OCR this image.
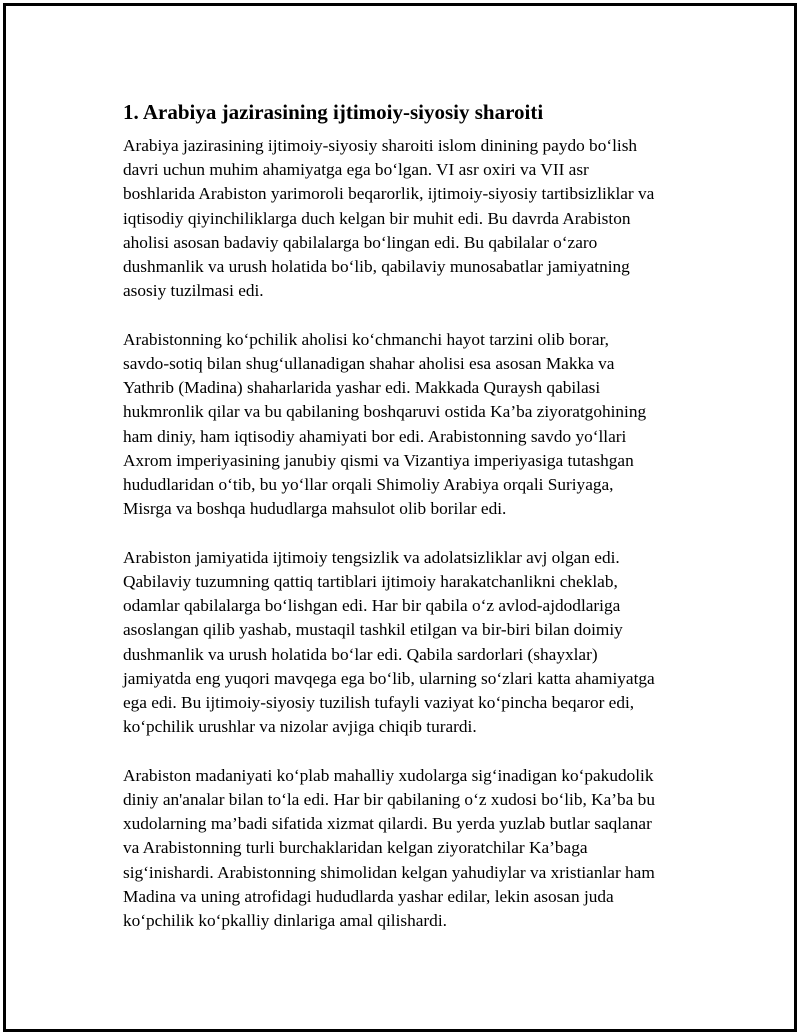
1. Arabiya jazirasining ijtimoiy-siyosiy sharoiti
Arabiya jazirasining ijtimoiy-siyosiy sharoiti islom dinining paydo bo‘lish
davri uchun muhim ahamiyatga ega bo‘lgan. VI asr oxiri va VII asr
boshlarida Arabiston yarimoroli beqarorlik, ijtimoiy-siyosiy tartibsizliklar va
iqtisodiy qiyinchiliklarga duch kelgan bir muhit edi. Bu davrda Arabiston
aholisi asosan badaviy qabilalarga bo‘lingan edi. Bu qabilalar o‘zaro
dushmanlik va urush holatida bo‘lib, qabilaviy munosabatlar jamiyatning
asosiy tuzilmasi edi.
Arabistonning ko‘pchilik aholisi ko‘chmanchi hayot tarzini olib borar,
savdo-sotiq bilan shug‘ullanadigan shahar aholisi esa asosan Makka va
Yathrib (Madina) shaharlarida yashar edi. Makkada Quraysh qabilasi
hukmronlik qilar va bu qabilaning boshqaruvi ostida Ka’ba ziyoratgohining
ham diniy, ham iqtisodiy ahamiyati bor edi. Arabistonning savdo yo‘llari
Axrom imperiyasining janubiy qismi va Vizantiya imperiyasiga tutashgan
hududlaridan o‘tib, bu yo‘llar orqali Shimoliy Arabiya orqali Suriyaga,
Misrga va boshqa hududlarga mahsulot olib borilar edi.
Arabiston jamiyatida ijtimoiy tengsizlik va adolatsizliklar avj olgan edi.
Qabilaviy tuzumning qattiq tartiblari ijtimoiy harakatchanlikni cheklab,
odamlar qabilalarga bo‘lishgan edi. Har bir qabila o‘z avlod-ajdodlariga
asoslangan qilib yashab, mustaqil tashkil etilgan va bir-biri bilan doimiy
dushmanlik va urush holatida bo‘lar edi. Qabila sardorlari (shayxlar)
jamiyatda eng yuqori mavqega ega bo‘lib, ularning so‘zlari katta ahamiyatga
ega edi. Bu ijtimoiy-siyosiy tuzilish tufayli vaziyat ko‘pincha beqaror edi,
ko‘pchilik urushlar va nizolar avjiga chiqib turardi.
Arabiston madaniyati ko‘plab mahalliy xudolarga sig‘inadigan ko‘pakudolik
diniy an'analar bilan to‘la edi. Har bir qabilaning o‘z xudosi bo‘lib, Ka’ba bu
xudolarning ma’badi sifatida xizmat qilardi. Bu yerda yuzlab butlar saqlanar
va Arabistonning turli burchaklaridan kelgan ziyoratchilar Ka’baga
sig‘inishardi. Arabistonning shimolidan kelgan yahudiylar va xristianlar ham
Madina va uning atrofidagi hududlarda yashar edilar, lekin asosan juda
ko‘pchilik ko‘pkalliy dinlariga amal qilishardi.
